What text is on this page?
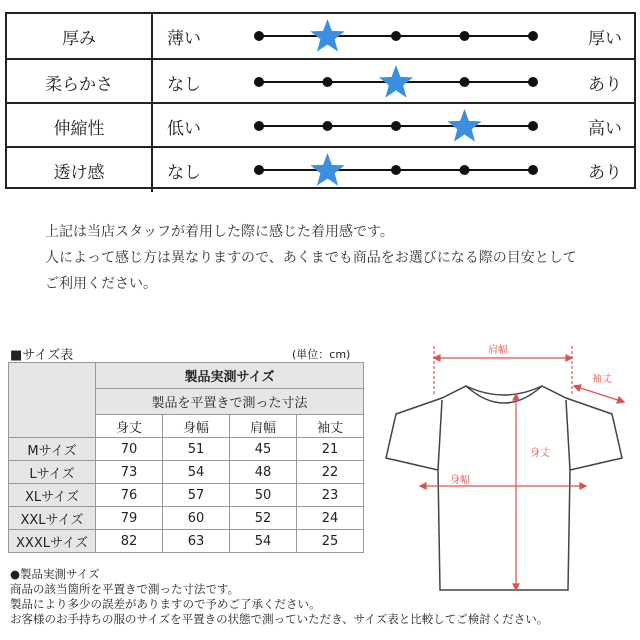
厚み	薄い	厚い
柔らかさ	なし	あり
伸縮性	低い	高い
透け感	なし	あり
上記は当店スタッフが着用した際に感じた着用感です。
人によって感じ方は異なりますので、あくまでも商品をお選びになる際の目安として
ご利用ください。
■サイズ表	(単位：cm)
	製品実測サイズ			
	製品を平置きで測った寸法			
	身丈	身幅	肩幅	袖丈
Mサイズ	70	51	45	21
Lサイズ	73	54	48	22
XLサイズ	76	57	50	23
XXLサイズ	79	60	52	24
XXXLサイズ	82	63	54	25
●製品実測サイズ
商品の該当箇所を平置きで測った寸法です。
製品により多少の誤差がありますので予めご了承ください。
お客様のお手持ちの服のサイズを平置きの状態で測っていただき、サイズ表と比較してご検討ください。
肩幅
袖丈
身丈
身幅
